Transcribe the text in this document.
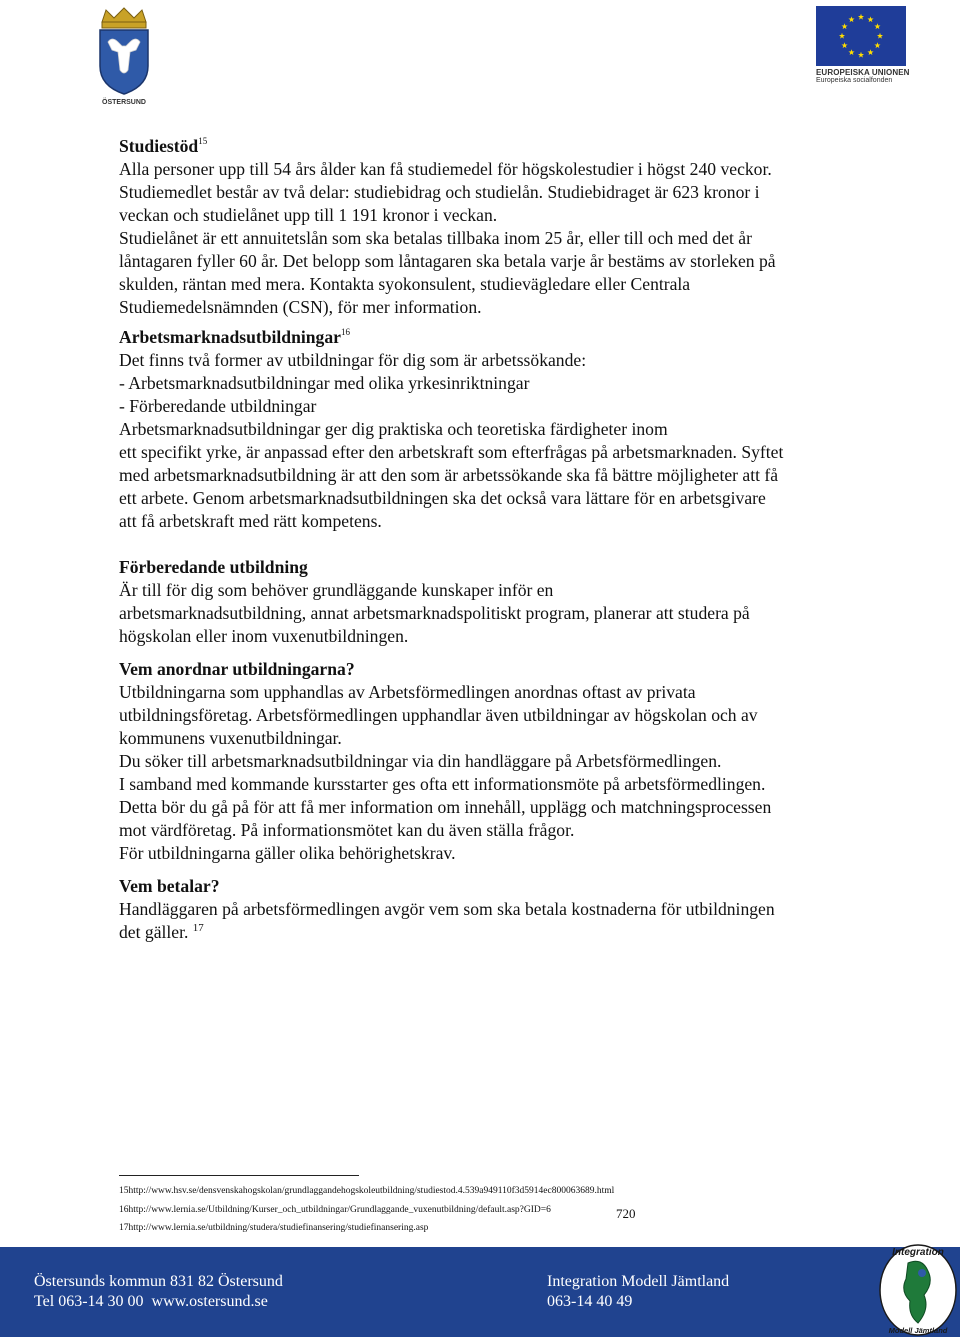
ÖSTERSUND
EUROPEISKA UNIONEN
Europeiska socialfonden

Studiestöd$^{15}$

Alla personer upp till 54 års ålder kan få studiemedel för högskolestudier i högst 240 veckor.

Studiemedlet består av två delar: studiebidrag och studielån. Studiebidraget är 623 kronor i

veckan och studielånet upp till 1 191 kronor i veckan.

Studielånet är ett annuitetslån som ska betalas tillbaka inom 25 år, eller till och med det år

låntagaren fyller 60 år. Det belopp som låntagaren ska betala varje år bestäms av storleken på

skulden, räntan med mera. Kontakta syokonsulent, studievägledare eller Centrala

Studiemedelsnämnden (CSN), för mer information.

Arbetsmarknadsutbildningar$^{16}$

Det finns två former av utbildningar för dig som är arbetssökande:

- Arbetsmarknadsutbildningar med olika yrkesinriktningar

- Förberedande utbildningar

Arbetsmarknadsutbildningar ger dig praktiska och teoretiska färdigheter inom

ett specifikt yrke, är anpassad efter den arbetskraft som efterfrågas på arbetsmarknaden. Syftet

med arbetsmarknadsutbildning är att den som är arbetssökande ska få bättre möjligheter att få

ett arbete. Genom arbetsmarknadsutbildningen ska det också vara lättare för en arbetsgivare

att få arbetskraft med rätt kompetens.

Förberedande utbildning

Är till för dig som behöver grundläggande kunskaper inför en

arbetsmarknadsutbildning, annat arbetsmarknadspolitiskt program, planerar att studera på

högskolan eller inom vuxenutbildningen.

Vem anordnar utbildningarna?

Utbildningarna som upphandlas av Arbetsförmedlingen anordnas oftast av privata

utbildningsföretag. Arbetsförmedlingen upphandlar även utbildningar av högskolan och av

kommunens vuxenutbildningar.

Du söker till arbetsmarknadsutbildningar via din handläggare på Arbetsförmedlingen.

I samband med kommande kursstarter ges ofta ett informationsmöte på arbetsförmedlingen.

Detta bör du gå på för att få mer information om innehåll, upplägg och matchningsprocessen

mot värdföretag. På informationsmötet kan du även ställa frågor.

För utbildningarna gäller olika behörighetskrav.

Vem betalar?

Handläggaren på arbetsförmedlingen avgör vem som ska betala kostnaderna för utbildningen

det gäller. $^{17}$

15http://www.hsv.se/densvenskahogskolan/grundlaggandehogskoleutbildning/studiestod.4.539a949110f3d5914ec800063689.html
16http://www.lernia.se/Utbildning/Kurser_och_utbildningar/Grundlaggande_vuxenutbildning/default.asp?GID=6	720
17http://www.lernia.se/utbildning/studera/studiefinansering/studiefinansering.asp
Östersunds kommun 831 82 Östersund
Tel 063-14 30 00  www.ostersund.se
Integration Modell Jämtland
063-14 40 49
Integration
Modell Jämtland
